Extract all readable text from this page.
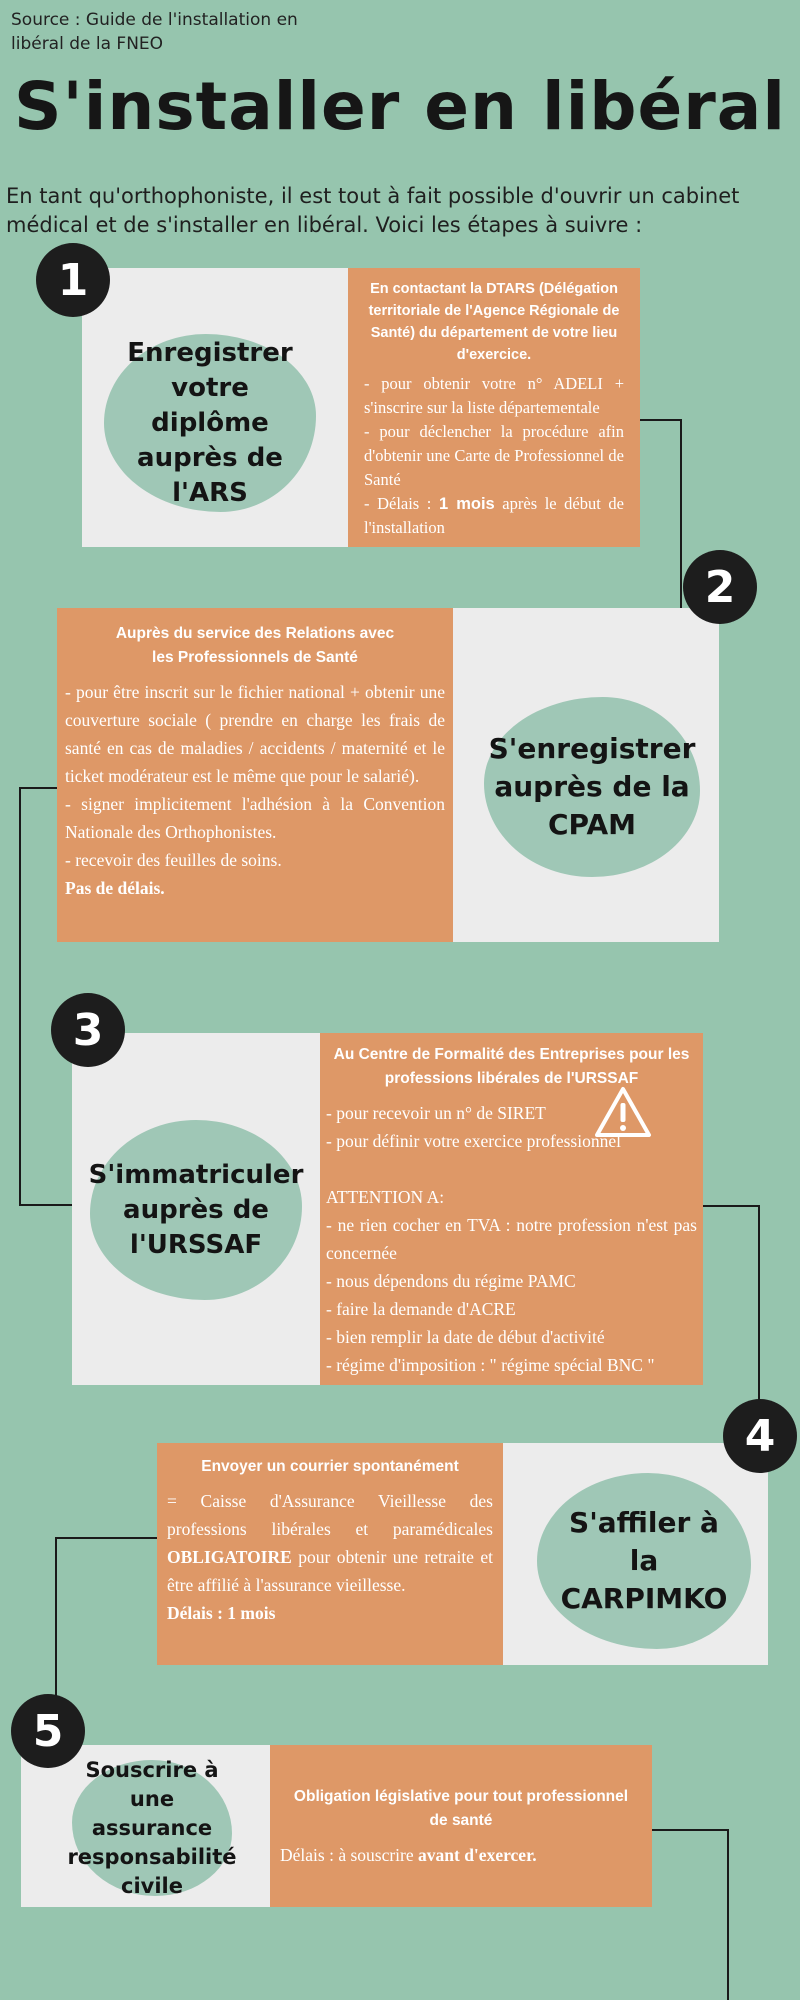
Source : Guide de l'installation en libéral de la FNEO
S'installer en libéral
En tant qu'orthophoniste, il est tout à fait possible d'ouvrir un cabinet médical et de s'installer en libéral. Voici les étapes à suivre :
Enregistrer votre diplôme auprès de l'ARS
En contactant la DTARS (Délégation territoriale de l'Agence Régionale de Santé) du département de votre lieu d'exercice.

- pour obtenir votre n° ADELI + s'inscrire sur la liste départementale

- pour déclencher la procédure afin d'obtenir une Carte de Professionnel de Santé

- Délais : 1 mois après le début de l'installation

1
Auprès du service des Relations avec les Professionnels de Santé

- pour être inscrit sur le fichier national + obtenir une couverture sociale ( prendre en charge les frais de santé en cas de maladies / accidents / maternité et le ticket modérateur est le même que pour le salarié).

- signer implicitement l'adhésion à la Convention Nationale des Orthophonistes.

- recevoir des feuilles de soins.

Pas de délais.

S'enregistrer auprès de la CPAM
2
S'immatriculer auprès de l'URSSAF
Au Centre de Formalité des Entreprises pour les professions libérales de l'URSSAF

- pour recevoir un n° de SIRET

- pour définir votre exercice professionnel

ATTENTION A:

- ne rien cocher en TVA : notre profession n'est pas concernée

- nous dépendons du régime PAMC

- faire la demande d'ACRE

- bien remplir la date de début d'activité

- régime d'imposition : " régime spécial BNC "

3
Envoyer un courrier spontanément

= Caisse d'Assurance Vieillesse des professions libérales et paramédicales OBLIGATOIRE pour obtenir une retraite et être affilié à l'assurance vieillesse.

Délais : 1 mois

S'affiler à la CARPIMKO
4
Souscrire à une assurance responsabilité civile
Obligation législative pour tout professionnel de santé
Délais : à souscrire avant d'exercer.
5
